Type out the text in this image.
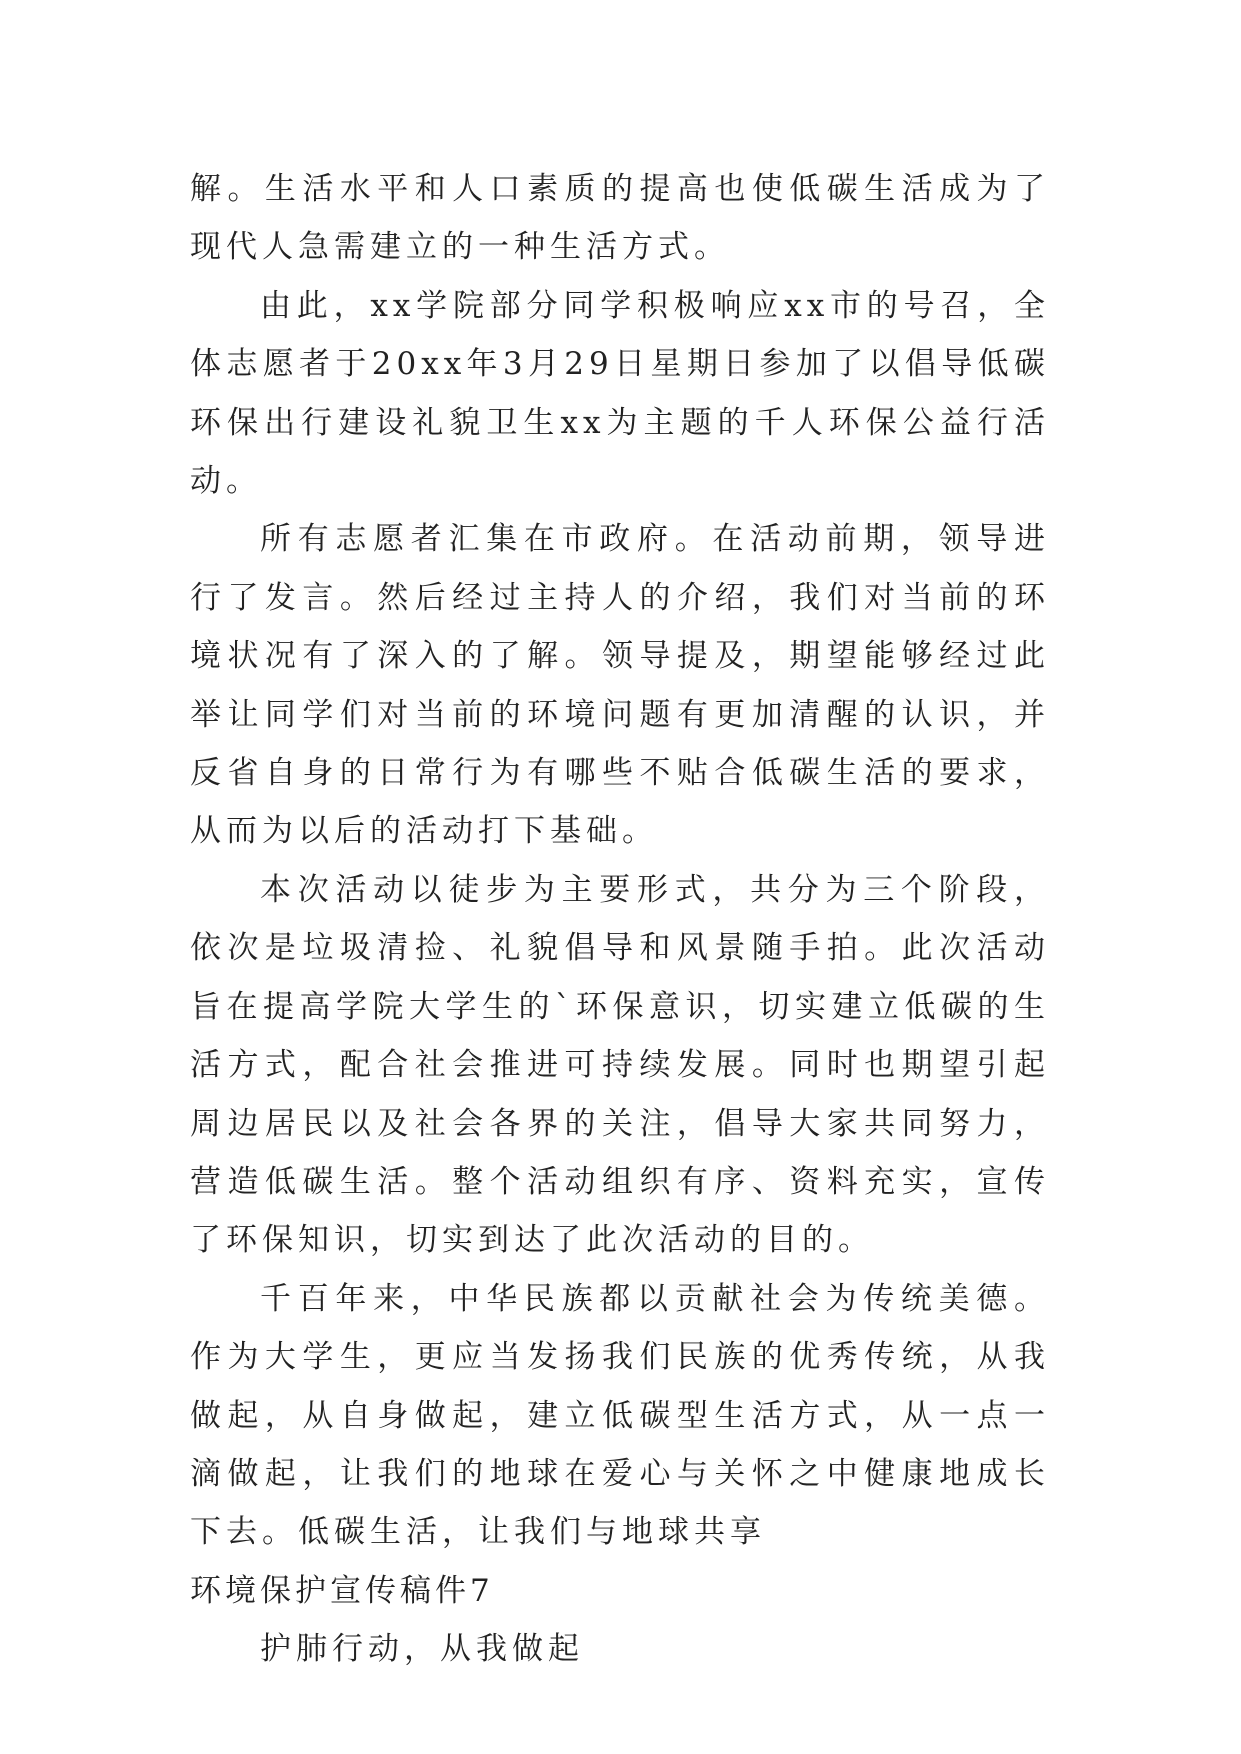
解。生活水平和人口素质的提高也使低碳生活成为了现代人急需建立的一种生活方式。

由此，xx学院部分同学积极响应xx市的号召，全体志愿者于20xx年3月29日星期日参加了以倡导低碳环保出行建设礼貌卫生xx为主题的千人环保公益行活动。

所有志愿者汇集在市政府。在活动前期，领导进行了发言。然后经过主持人的介绍，我们对当前的环境状况有了深入的了解。领导提及，期望能够经过此举让同学们对当前的环境问题有更加清醒的认识，并反省自身的日常行为有哪些不贴合低碳生活的要求，从而为以后的活动打下基础。

本次活动以徒步为主要形式，共分为三个阶段，依次是垃圾清捡、礼貌倡导和风景随手拍。此次活动旨在提高学院大学生的`环保意识，切实建立低碳的生活方式，配合社会推进可持续发展。同时也期望引起周边居民以及社会各界的关注，倡导大家共同努力，营造低碳生活。整个活动组织有序、资料充实，宣传了环保知识，切实到达了此次活动的目的。

千百年来，中华民族都以贡献社会为传统美德。作为大学生，更应当发扬我们民族的优秀传统，从我做起，从自身做起，建立低碳型生活方式，从一点一滴做起，让我们的地球在爱心与关怀之中健康地成长下去。低碳生活，让我们与地球共享

环境保护宣传稿件7

护肺行动，从我做起
